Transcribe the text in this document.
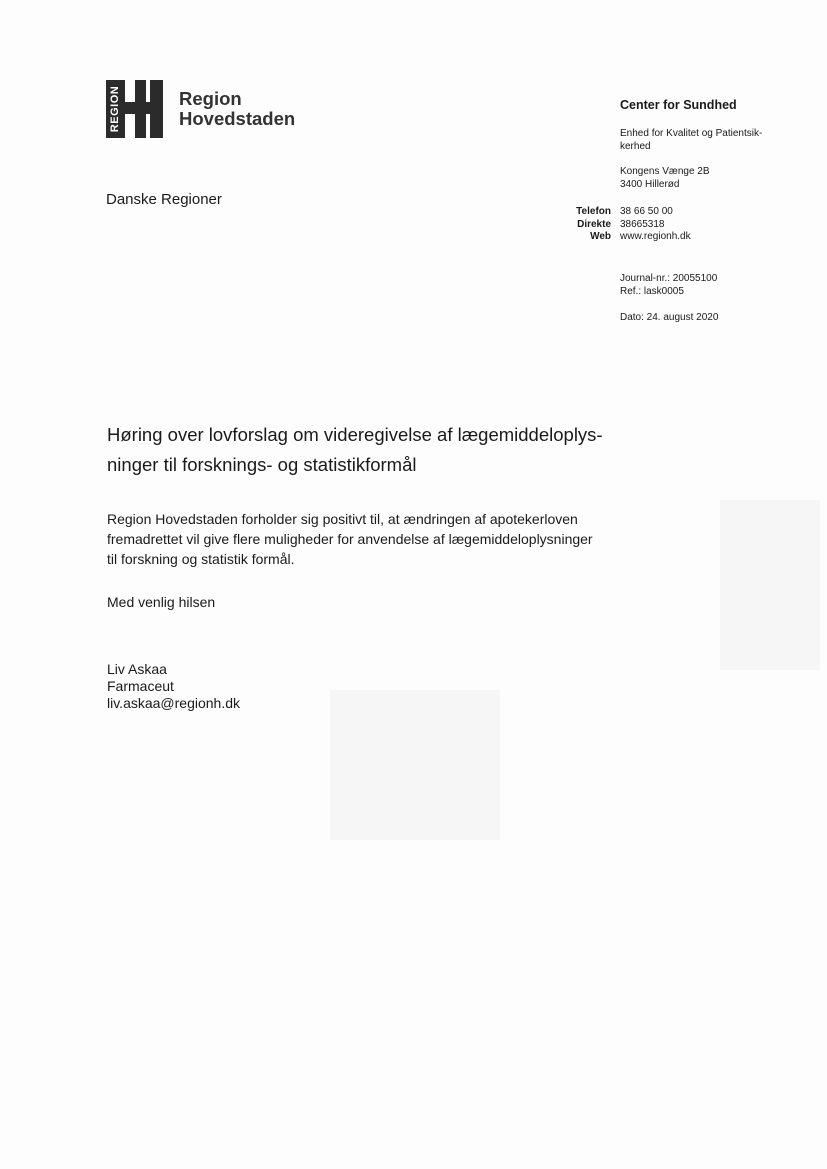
REGION	Region
Hovedstaden
Danske Regioner
Center for Sundhed
Enhed for Kvalitet og Patientsik-
kerhed
Kongens Vænge 2B
3400 Hillerød
Telefon 38 66 50 00
Direkte 38665318
Web www.regionh.dk
Journal-nr.: 20055100
Ref.: lask0005
Dato: 24. august 2020
Høring over lovforslag om videregivelse af lægemiddeloplys-
ninger til forsknings- og statistikformål
Region Hovedstaden forholder sig positivt til, at ændringen af apotekerloven
fremadrettet vil give flere muligheder for anvendelse af lægemiddeloplysninger
til forskning og statistik formål.
Med venlig hilsen
Liv Askaa
Farmaceut
liv.askaa@regionh.dk
